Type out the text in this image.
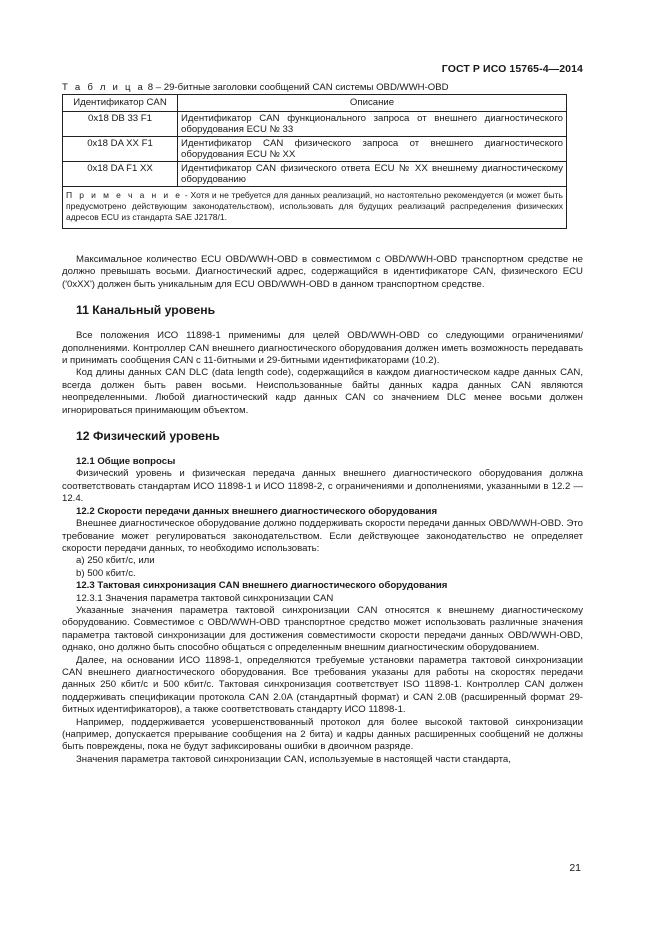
ГОСТ Р ИСО 15765-4—2014
Т а б л и ц а 8 – 29-битные заголовки сообщений CAN системы OBD/WWH-OBD
Идентификатор CAN	Описание
0x18 DB 33 F1	Идентификатор CAN функционального запроса от внешнего диагностического оборудования ECU № 33
0x18 DA XX F1	Идентификатор CAN физического запроса от внешнего диагностического оборудования ECU № XX
0x18 DA F1 XX	Идентификатор CAN физического ответа ECU № XX внешнему диагностическому оборудованию
П р и м е ч а н и е - Хотя и не требуется для данных реализаций, но настоятельно рекомендуется (и может быть предусмотрено действующим законодательством), использовать для будущих реализаций распределения физических адресов ECU из стандарта SAE J2178/1.	

Максимальное количество ECU OBD/WWH-OBD в совместимом с OBD/WWH-OBD транспортном средстве не должно превышать восьми. Диагностический адрес, содержащийся в идентификаторе CAN, физического ECU ('0xXX') должен быть уникальным для ECU OBD/WWH-OBD в данном транспортном средстве.

11 Канальный уровень

Все положения ИСО 11898-1 применимы для целей OBD/WWH-OBD со следующими ограничениями/дополнениями. Контроллер CAN внешнего диагностического оборудования должен иметь возможность передавать и принимать сообщения CAN с 11-битными и 29-битными идентификаторами (10.2).

Код длины данных CAN DLC (data length code), содержащийся в каждом диагностическом кадре данных CAN, всегда должен быть равен восьми. Неиспользованные байты данных кадра данных CAN являются неопределенными. Любой диагностический кадр данных CAN со значением DLC менее восьми должен игнорироваться принимающим объектом.

12 Физический уровень

12.1 Общие вопросы

Физический уровень и физическая передача данных внешнего диагностического оборудования должна соответствовать стандартам ИСО 11898-1 и ИСО 11898-2, с ограничениями и дополнениями, указанными в 12.2 — 12.4.

12.2 Скорости передачи данных внешнего диагностического оборудования

Внешнее диагностическое оборудование должно поддерживать скорости передачи данных OBD/WWH-OBD. Это требование может регулироваться законодательством. Если действующее законодательство не определяет скорости передачи данных, то необходимо использовать:

a) 250 кбит/с, или

b) 500 кбит/с.

12.3 Тактовая синхронизация CAN внешнего диагностического оборудования

12.3.1 Значения параметра тактовой синхронизации CAN

Указанные значения параметра тактовой синхронизации CAN относятся к внешнему диагностическому оборудованию. Совместимое с OBD/WWH-OBD транспортное средство может использовать различные значения параметра тактовой синхронизации для достижения совместимости скорости передачи данных OBD/WWH-OBD, однако, оно должно быть способно общаться с определенным внешним диагностическим оборудованием.

Далее, на основании ИСО 11898-1, определяются требуемые установки параметра тактовой синхронизации CAN внешнего диагностического оборудования. Все требования указаны для работы на скоростях передачи данных 250 кбит/с и 500 кбит/с. Тактовая синхронизация соответствует ISO 11898-1. Контроллер CAN должен поддерживать спецификации протокола CAN 2.0A (стандартный формат) и CAN 2.0B (расширенный формат 29-битных идентификаторов), а также соответствовать стандарту ИСО 11898-1.

Например, поддерживается усовершенствованный протокол для более высокой тактовой синхронизации (например, допускается прерывание сообщения на 2 бита) и кадры данных расширенных сообщений не должны быть повреждены, пока не будут зафиксированы ошибки в двоичном разряде.

Значения параметра тактовой синхронизации CAN, используемые в настоящей части стандарта,

21
